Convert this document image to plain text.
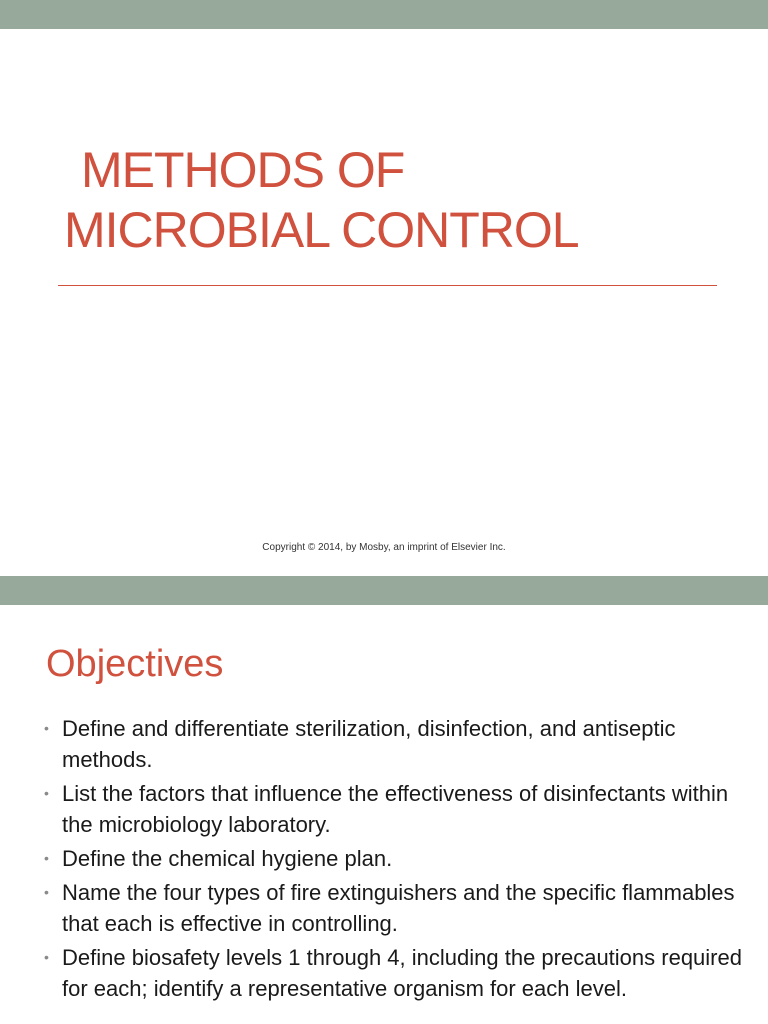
METHODS OF
MICROBIAL CONTROL
Copyright © 2014, by Mosby, an imprint of Elsevier Inc.
Objectives
• Define and differentiate sterilization, disinfection, and antiseptic methods.
• List the factors that influence the effectiveness of disinfectants within the microbiology laboratory.
• Define the chemical hygiene plan.
• Name the four types of fire extinguishers and the specific flammables that each is effective in controlling.
• Define biosafety levels 1 through 4, including the precautions required for each; identify a representative organism for each level.
